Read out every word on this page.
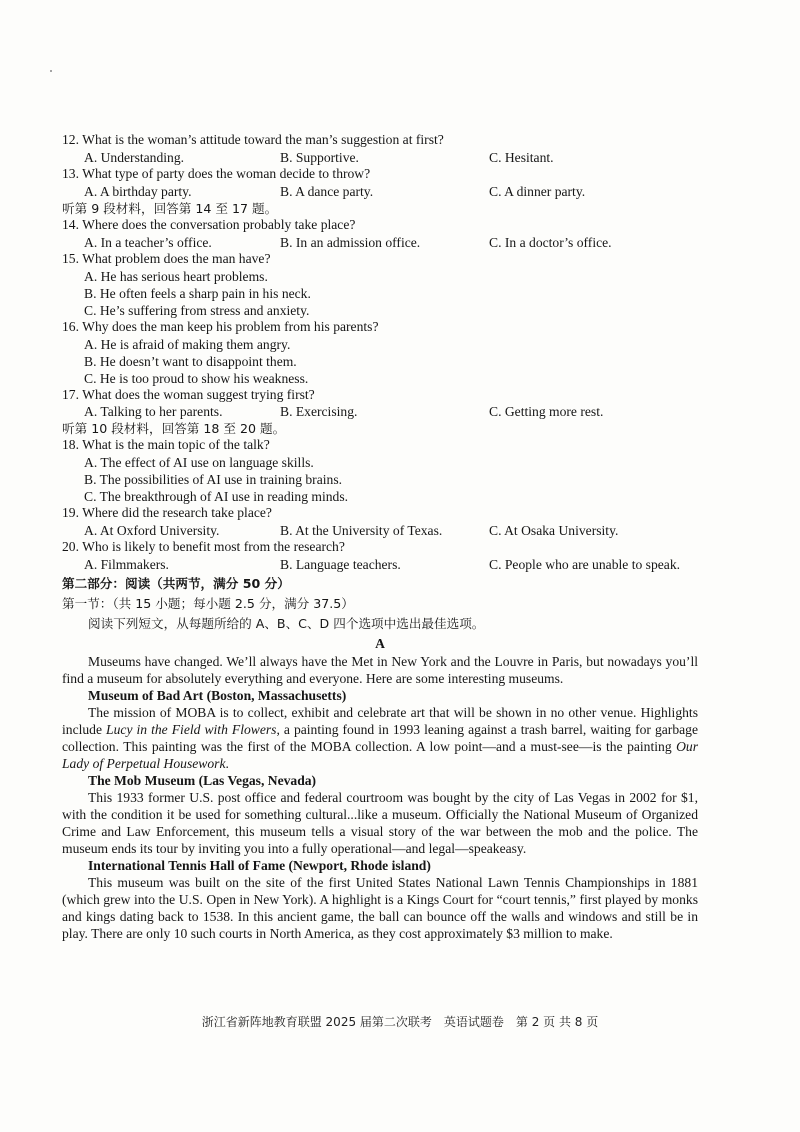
12. What is the woman’s attitude toward the man’s suggestion at first?
A. Understanding.	B. Supportive.	C. Hesitant.
13. What type of party does the woman decide to throw?
A. A birthday party.	B. A dance party.	C. A dinner party.
听第 9 段材料，回答第 14 至 17 题。
14. Where does the conversation probably take place?
A. In a teacher’s office.	B. In an admission office.	C. In a doctor’s office.
15. What problem does the man have?
A. He has serious heart problems.
B. He often feels a sharp pain in his neck.
C. He’s suffering from stress and anxiety.
16. Why does the man keep his problem from his parents?
A. He is afraid of making them angry.
B. He doesn’t want to disappoint them.
C. He is too proud to show his weakness.
17. What does the woman suggest trying first?
A. Talking to her parents.	B. Exercising.	C. Getting more rest.
听第 10 段材料，回答第 18 至 20 题。
18. What is the main topic of the talk?
A. The effect of AI use on language skills.
B. The possibilities of AI use in training brains.
C. The breakthrough of AI use in reading minds.
19. Where did the research take place?
A. At Oxford University.	B. At the University of Texas.	C. At Osaka University.
20. Who is likely to benefit most from the research?
A. Filmmakers.	B. Language teachers.	C. People who are unable to speak.
第二部分：阅读（共两节，满分 50 分）
第一节：（共 15 小题；每小题 2.5 分，满分 37.5）
阅读下列短文，从每题所给的 A、B、C、D 四个选项中选出最佳选项。
A
Museums have changed. We’ll always have the Met in New York and the Louvre in Paris, but nowadays you’ll find a museum for absolutely everything and everyone. Here are some interesting museums.
Museum of Bad Art (Boston, Massachusetts)
The mission of MOBA is to collect, exhibit and celebrate art that will be shown in no other venue. Highlights include Lucy in the Field with Flowers, a painting found in 1993 leaning against a trash barrel, waiting for garbage collection. This painting was the first of the MOBA collection. A low point—and a must-see—is the painting Our Lady of Perpetual Housework.
The Mob Museum (Las Vegas, Nevada)
This 1933 former U.S. post office and federal courtroom was bought by the city of Las Vegas in 2002 for $1, with the condition it be used for something cultural...like a museum. Officially the National Museum of Organized Crime and Law Enforcement, this museum tells a visual story of the war between the mob and the police. The museum ends its tour by inviting you into a fully operational—and legal—speakeasy.
International Tennis Hall of Fame (Newport, Rhode island)
This museum was built on the site of the first United States National Lawn Tennis Championships in 1881 (which grew into the U.S. Open in New York). A highlight is a Kings Court for “court tennis,” first played by monks and kings dating back to 1538. In this ancient game, the ball can bounce off the walls and windows and still be in play. There are only 10 such courts in North America, as they cost approximately $3 million to make.
浙江省新阵地教育联盟 2025 届第二次联考　英语试题卷　第 2 页 共 8 页
